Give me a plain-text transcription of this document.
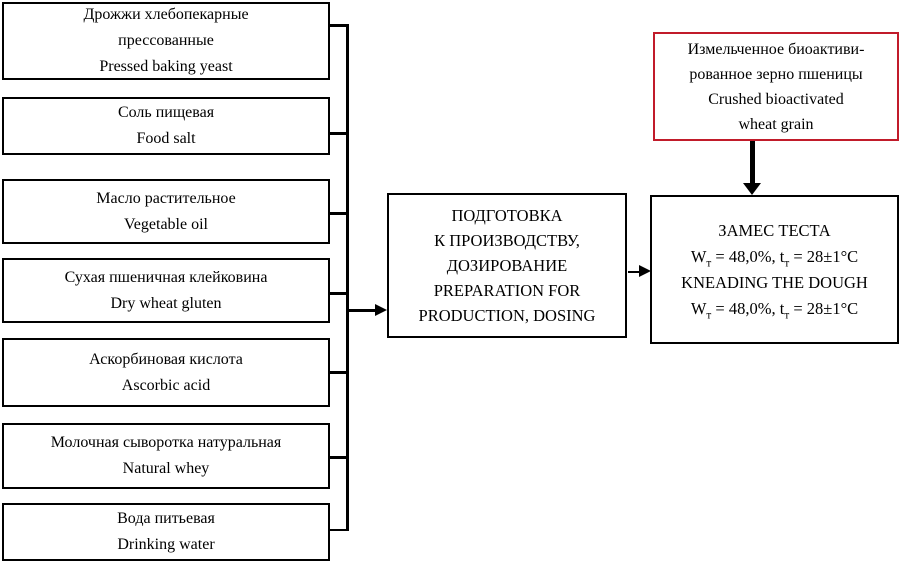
Дрожжи хлебопекарные
прессованные
Pressed baking yeast
Соль пищевая
Food salt
Масло растительное
Vegetable oil
Сухая пшеничная клейковина
Dry wheat gluten
Аскорбиновая кислота
Ascorbic acid
Молочная сыворотка натуральная
Natural whey
Вода питьевая
Drinking water
ПОДГОТОВКА
К ПРОИЗВОДСТВУ,
ДОЗИРОВАНИЕ
PREPARATION FOR
PRODUCTION, DOSING
Измельченное биоактиви-
рованное зерно пшеницы
Crushed bioactivated
wheat grain
ЗАМЕС ТЕСТА
$W_т = 48,0\%$, $t_т = 28\pm 1^\circ C$
KNEADING THE DOUGH
$W_т = 48,0\%$, $t_т = 28\pm 1^\circ C$
